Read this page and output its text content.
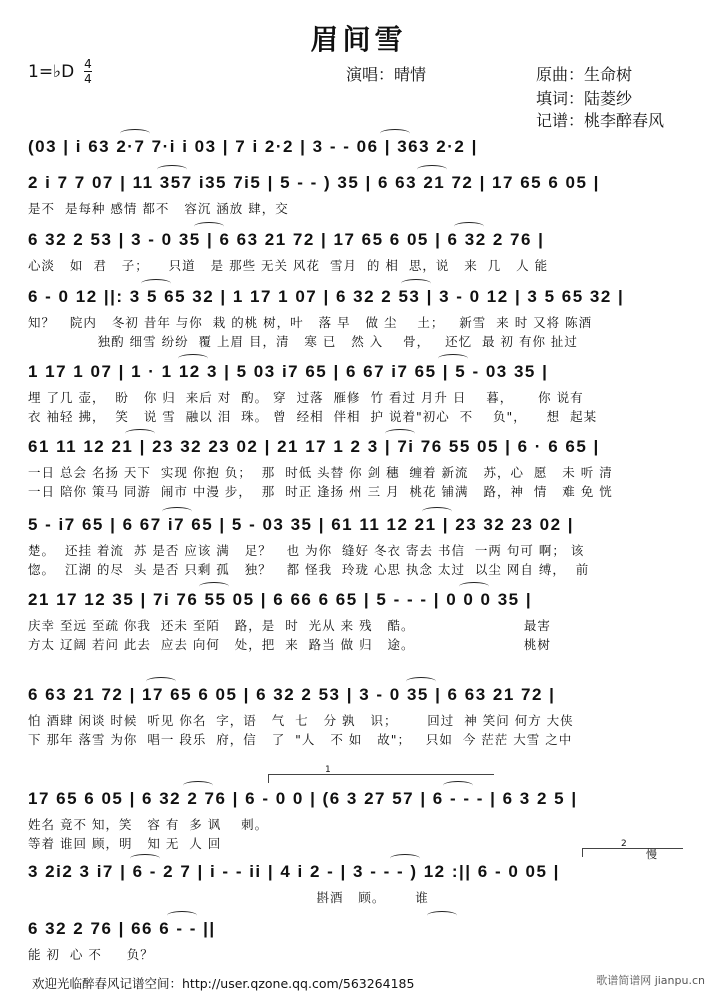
眉间雪
1=♭D 4
4	演唱：晴情	原曲：生命树
填词：陆菱纱
记谱：桃李醉春风
(03 | i 63 2·7 7·i i 03 | 7 i 2·2 | 3 - - 06 | 363 2·2 |
2 i 7 7 07 | 11 357 i35 7i5 | 5 - - ) 35 | 6 63 21 72 | 17 65 6 05 |
是不  是每种 感情 都不   容沉 涵放 肆，交
6 32 2 53 | 3 - 0 35 | 6 63 21 72 | 17 65 6 05 | 6 32 2 76 |
心淡   如  君   子；    只道   是 那些 无关 风花  雪月  的 相  思，说   来  几   人 能
6 - 0 12 ||: 3 5 65 32 | 1 17 1 07 | 6 32 2 53 | 3 - 0 12 | 3 5 65 32 |
知？   院内   冬初 昔年 与你  栽 的桃 树，叶   落 早   做 尘    土；   新雪  来 时 又将 陈酒
独酌 细雪 纷纷  覆 上眉 目，清   寒 已   然 入    骨，   还忆  最 初 有你 扯过
1 17 1 07 | 1 · 1 12 3 | 5 03 i7 65 | 6 67 i7 65 | 5 - 03 35 |
埋 了几 壶，  盼   你 归  来后 对  酌。 穿  过落  雁修  竹 看过 月升 日    暮，     你 说有
衣 袖轻 拂，  笑   说 雪  融以 泪  珠。 曾  经相  伴相  护 说着"初心  不    负"，    想  起某
61 11 12 21 | 23 32 23 02 | 21 17 1 2 3 | 7i 76 55 05 | 6 · 6 65 |
一日 总会 名扬 天下  实现 你抱 负；  那  时低 头替 你 剑 穗  缠着 新流   苏，心  愿   未 听 清
一日 陪你 策马 同游  闹市 中漫 步，  那  时正 逢扬 州 三 月  桃花 铺满   路，神  情   难 免 恍
5 - i7 65 | 6 67 i7 65 | 5 - 03 35 | 61 11 12 21 | 23 32 23 02 |
楚。  还挂 着流  苏 是否 应该 满   足？   也 为你  缝好 冬衣 寄去 书信  一两 句可 啊； 该
惚。  江湖 的尽  头 是否 只剩 孤   独？   都 怪我  玲珑 心思 执念 太过  以尘 网自 缚，  前
21 17 12 35 | 7i 76 55 05 | 6 66 6 65 | 5 - - - | 0 0 0 35 |
庆幸 至远 至疏 你我  还未 至陌   路，是  时  光从 来 残   酷。                      最害
方太 辽阔 若问 此去  应去 向何   处，把  来  路当 做 归   途。                      桃树
6 63 21 72 | 17 65 6 05 | 6 32 2 53 | 3 - 0 35 | 6 63 21 72 |
怕 酒肆 闲谈 时候  听见 你名  字，语   气  七   分 孰   识；      回过  神 笑问 何方 大侠
下 那年 落雪 为你  唱一 段乐  府，信   了  "人   不 如   故"；   只如  今 茫茫 大雪 之中
17 65 6 05 | 6 32 2 76 | 6 - 0 0 | (6 3 27 57 | 6 - - - | 6 3 2 5 |
姓名 竟不 知，笑   容 有  多 讽    刺。
等着 谁回 顾，明   知 无  人 回
3 2i2 3 i7 | 6 - 2 7 | i - - ii | 4 i 2 - | 3 - - - ) 12 :|| 6 - 0 05 |
斟酒   顾。      谁
6 32 2 76 | 66 6 - - ||
能 初  心 不     负？
1
2
慢
欢迎光临醉春风记谱空间：http://user.qzone.qq.com/563264185	歌谱简谱网 jianpu.cn
